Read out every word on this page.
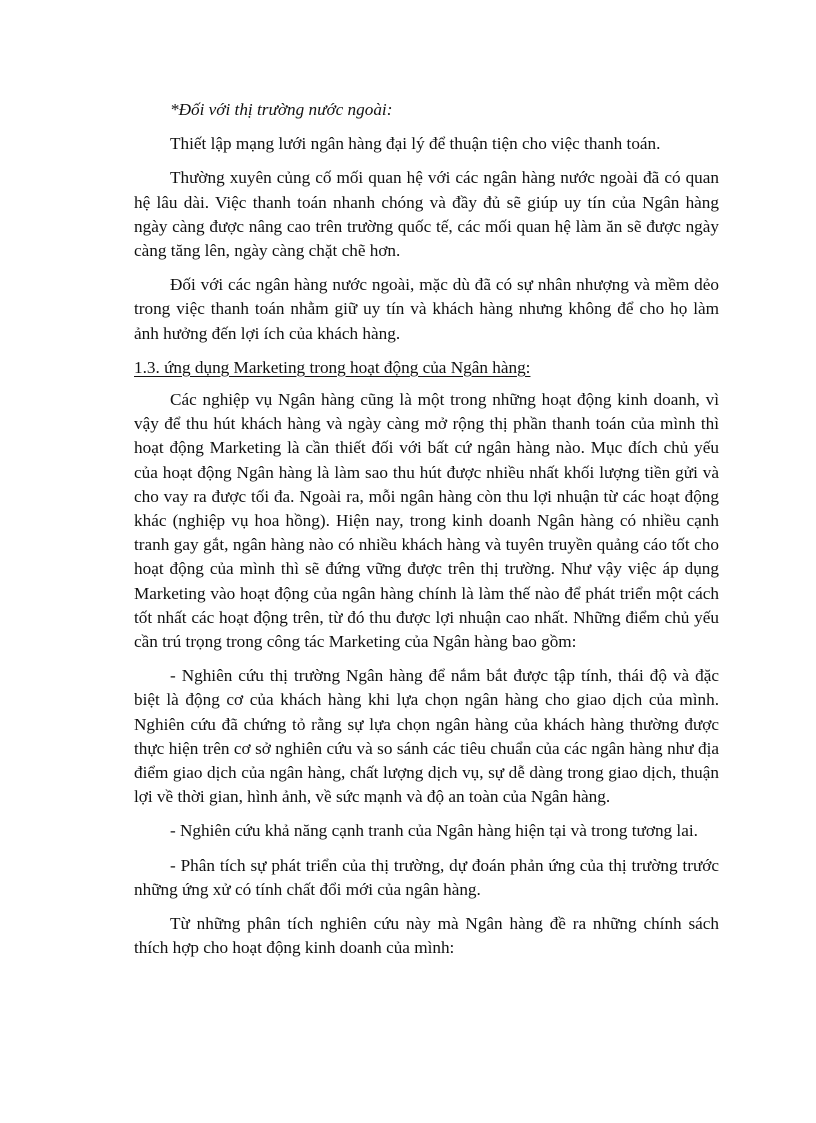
*Đối với thị trường nước ngoài:

Thiết lập mạng lưới ngân hàng đại lý để thuận tiện cho việc thanh toán.

Thường xuyên củng cố mối quan hệ với các ngân hàng nước ngoài đã có quan hệ lâu dài. Việc thanh toán nhanh chóng và đầy đủ sẽ giúp uy tín của Ngân hàng ngày càng được nâng cao trên trường quốc tế, các mối quan hệ làm ăn sẽ được ngày càng tăng lên, ngày càng chặt chẽ hơn.

Đối với các ngân hàng nước ngoài, mặc dù đã có sự nhân nhượng và mềm dẻo trong việc thanh toán nhằm giữ uy tín và khách hàng nhưng không để cho họ làm ảnh hưởng đến lợi ích của khách hàng.

1.3. ứng dụng Marketing trong hoạt động của Ngân hàng:

Các nghiệp vụ Ngân hàng cũng là một trong những hoạt động kinh doanh, vì vậy để thu hút khách hàng và ngày càng mở rộng thị phần thanh toán của mình thì hoạt động Marketing là cần thiết đối với bất cứ ngân hàng nào. Mục đích chủ yếu của hoạt động Ngân hàng là làm sao thu hút được nhiều nhất khối lượng tiền gửi và cho vay ra được tối đa. Ngoài ra, mỗi ngân hàng còn thu lợi nhuận từ các hoạt động khác (nghiệp vụ hoa hồng). Hiện nay, trong kinh doanh Ngân hàng có nhiều cạnh tranh gay gắt, ngân hàng nào có nhiều khách hàng và tuyên truyền quảng cáo tốt cho hoạt động của mình thì sẽ đứng vững được trên thị trường. Như vậy việc áp dụng Marketing vào hoạt động của ngân hàng chính là làm thế nào để phát triển một cách tốt nhất các hoạt động trên, từ đó thu được lợi nhuận cao nhất. Những điểm chủ yếu cần trú trọng trong công tác Marketing của Ngân hàng bao gồm:

- Nghiên cứu thị trường Ngân hàng để nắm bắt được tập tính, thái độ và đặc biệt là động cơ của khách hàng khi lựa chọn ngân hàng cho giao dịch của mình. Nghiên cứu đã chứng tỏ rằng sự lựa chọn ngân hàng của khách hàng thường được thực hiện trên cơ sở nghiên cứu và so sánh các tiêu chuẩn của các ngân hàng như địa điểm giao dịch của ngân hàng, chất lượng dịch vụ, sự dễ dàng trong giao dịch, thuận lợi về thời gian, hình ảnh, về sức mạnh và độ an toàn của Ngân hàng.

- Nghiên cứu khả năng cạnh tranh của Ngân hàng hiện tại và trong tương lai.

- Phân tích sự phát triển của thị trường, dự đoán phản ứng của thị trường trước những ứng xử có tính chất đổi mới của ngân hàng.

Từ những phân tích nghiên cứu này mà Ngân hàng đề ra những chính sách thích hợp cho hoạt động kinh doanh của mình:
